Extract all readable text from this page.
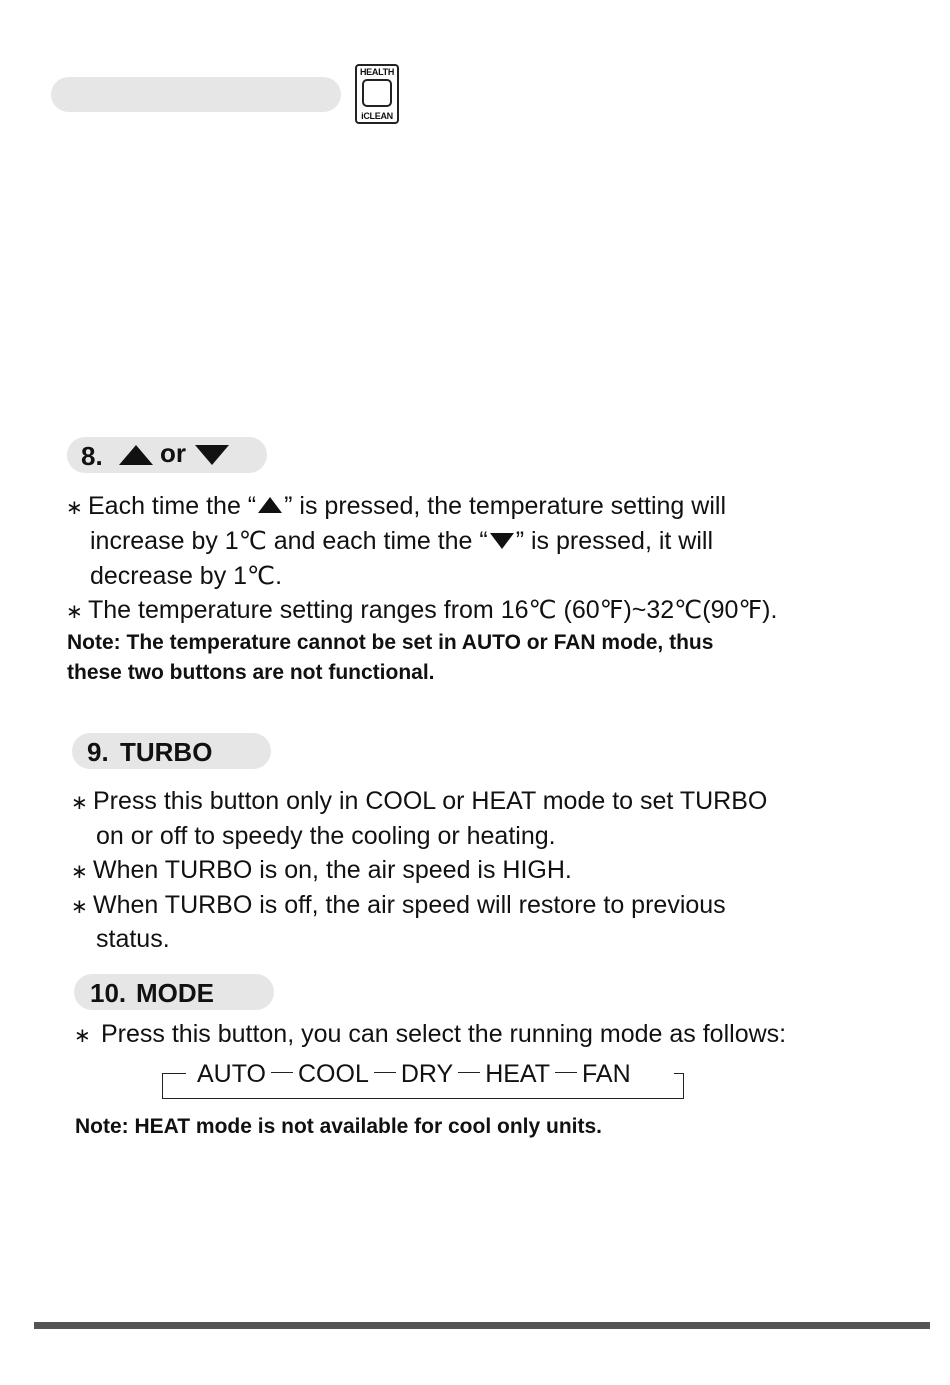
HEALTH
iCLEAN
8. or
∗ Each time the “ ” is pressed, the temperature setting will
increase by 1℃ and each time the “ ” is pressed, it will
decrease by 1℃.
∗ The temperature setting ranges from 16℃ (60℉)~32℃(90℉).
Note: The temperature cannot be set in AUTO or FAN mode, thus
these two buttons are not functional.
9. TURBO
∗ Press this button only in COOL or HEAT mode to set TURBO
on or off to speedy the cooling or heating.
∗ When TURBO is on, the air speed is HIGH.
∗ When TURBO is off, the air speed will restore to previous
status.
10. MODE
∗ Press this button, you can select the running mode as follows:
AUTO COOL DRY HEAT FAN
Note: HEAT mode is not available for cool only units.
